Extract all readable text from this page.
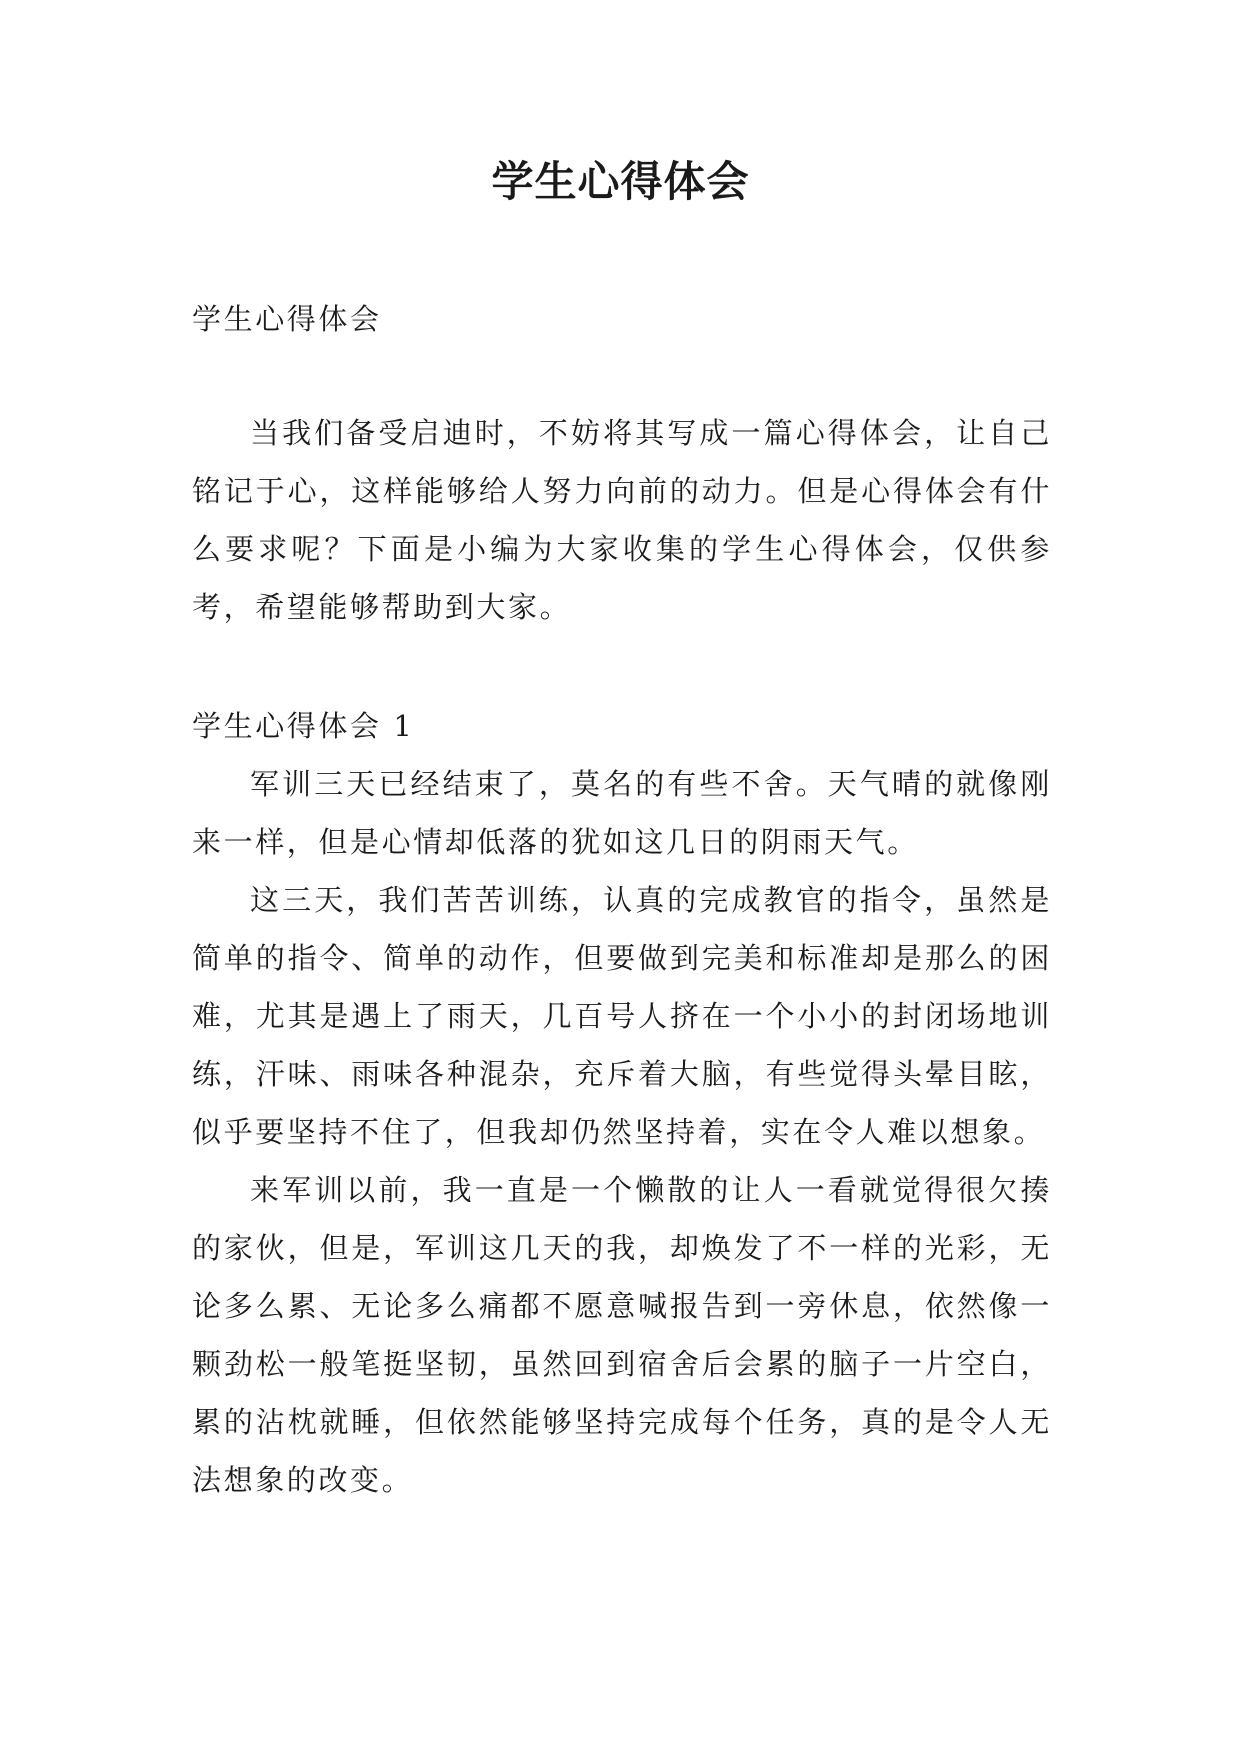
学生心得体会
学生心得体会

当我们备受启迪时，不妨将其写成一篇心得体会，让自己铭记于心，这样能够给人努力向前的动力。但是心得体会有什么要求呢？下面是小编为大家收集的学生心得体会，仅供参考，希望能够帮助到大家。

学生心得体会 1

军训三天已经结束了，莫名的有些不舍。天气晴的就像刚来一样，但是心情却低落的犹如这几日的阴雨天气。

这三天，我们苦苦训练，认真的完成教官的指令，虽然是简单的指令、简单的动作，但要做到完美和标准却是那么的困难，尤其是遇上了雨天，几百号人挤在一个小小的封闭场地训练，汗味、雨味各种混杂，充斥着大脑，有些觉得头晕目眩，似乎要坚持不住了，但我却仍然坚持着，实在令人难以想象。

来军训以前，我一直是一个懒散的让人一看就觉得很欠揍的家伙，但是，军训这几天的我，却焕发了不一样的光彩，无论多么累、无论多么痛都不愿意喊报告到一旁休息，依然像一颗劲松一般笔挺坚韧，虽然回到宿舍后会累的脑子一片空白，累的沾枕就睡，但依然能够坚持完成每个任务，真的是令人无法想象的改变。
